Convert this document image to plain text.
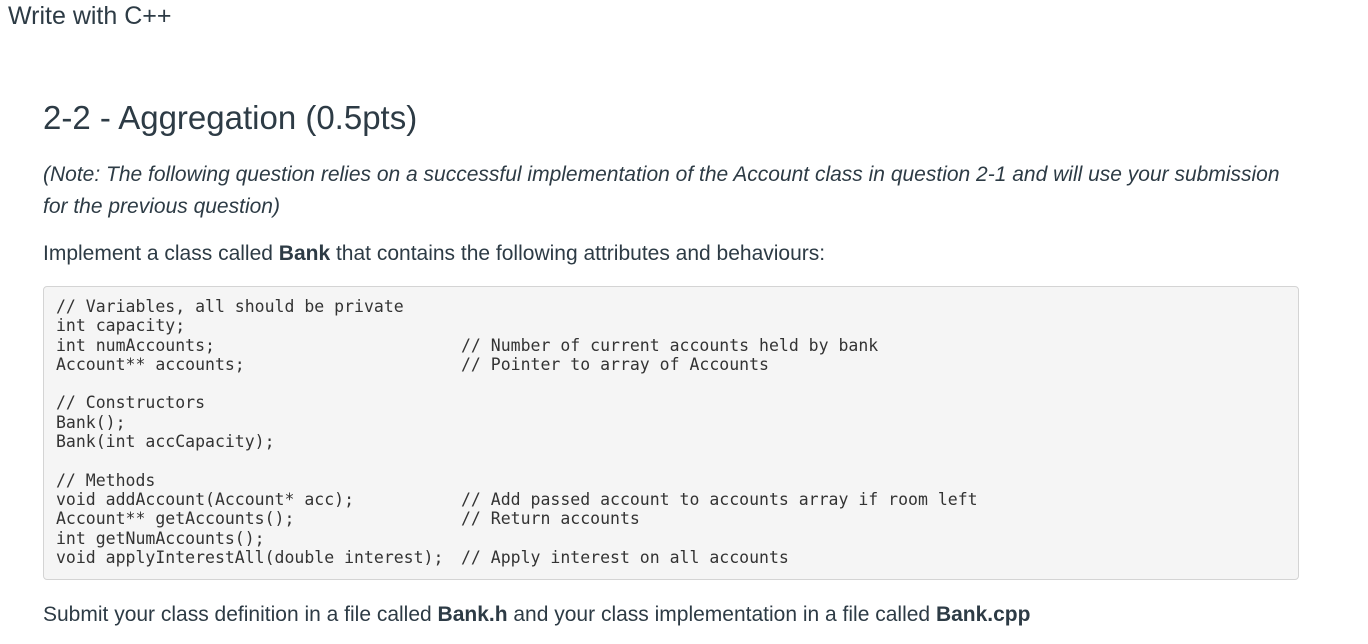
Write with C++

2-2 - Aggregation (0.5pts)

(Note: The following question relies on a successful implementation of the Account class in question 2-1 and will use your submission for the previous question)

Implement a class called Bank that contains the following attributes and behaviours:

// Variables, all should be private
int capacity;
int numAccounts;	// Number of current accounts held by bank
Account** accounts;	// Pointer to array of Accounts
// Constructors
Bank();
Bank(int accCapacity);
// Methods
void addAccount(Account* acc);	// Add passed account to accounts array if room left
Account** getAccounts();	// Return accounts
int getNumAccounts();
void applyInterestAll(double interest);	// Apply interest on all accounts

Submit your class definition in a file called Bank.h and your class implementation in a file called Bank.cpp
